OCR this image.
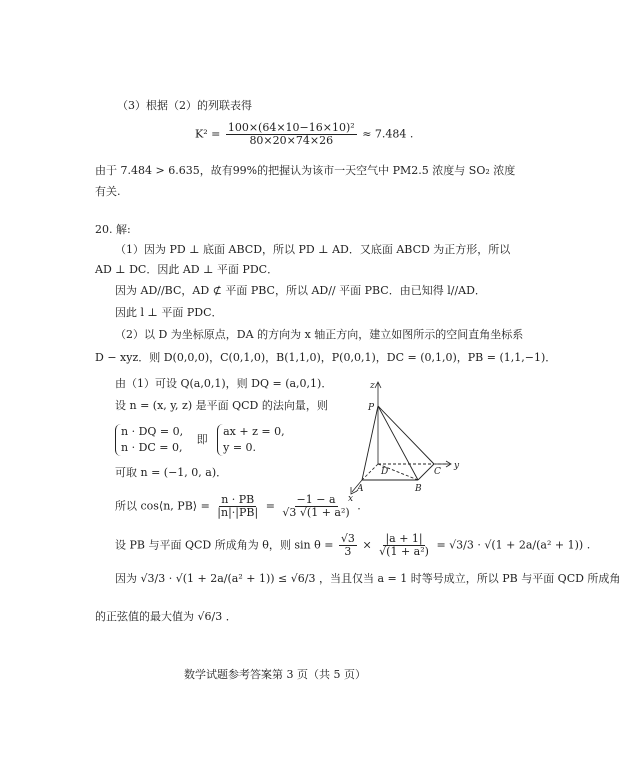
（3）根据（2）的列联表得
$K^2 = \frac{\text{100×(64×10−16×10)²}}{80\times 20\times 74\times 26} \approx 7.484$ .
由于 7.484 > 6.635，故有99%的把握认为该市一天空气中 PM2.5 浓度与 SO₂ 浓度
有关.
20. 解:
（1）因为 PD ⊥ 底面 ABCD，所以 PD ⊥ AD．又底面 ABCD 为正方形，所以
AD ⊥ DC．因此 AD ⊥ 平面 PDC．
因为 AD//BC，AD ⊄ 平面 PBC，所以 AD// 平面 PBC．由已知得 l//AD．
因此 l ⊥ 平面 PDC．
（2）以 D 为坐标原点，DA 的方向为 x 轴正方向，建立如图所示的空间直角坐标系
D − xyz．则 D(0,0,0)，C(0,1,0)，B(1,1,0)，P(0,0,1)，DC = (0,1,0)，PB = (1,1,−1)．
由（1）可设 Q(a,0,1)，则 DQ = (a,0,1)．
设 n = (x, y, z) 是平面 QCD 的法向量，则
n · DQ = 0,
n · DC = 0,
即
ax + z = 0,
y = 0.
可取 n = (−1, 0, a)．
所以 cos⟨n, PB⟩ = $\frac{n \cdot PB}{|n|\cdot|PB|} = \frac{-1 - a}{\text{√3 √(1 + a²)}}$ .
设 PB 与平面 QCD 所成角为 θ，则 $\sin \theta = \frac{√3}{3} \times \frac{|a + 1|}{\text{√(1 + a²)}} = √3/3 \cdot √(1 + 2a/(a^2 + 1))$ .
因为 √3/3 · √(1 + 2a/(a² + 1)) ≤ √6/3 ，当且仅当 a = 1 时等号成立，所以 PB 与平面 QCD 所成角
的正弦值的最大值为 √6/3 ．
z
y
x
P
D	C
A	B
数学试题参考答案第 3 页（共 5 页）
